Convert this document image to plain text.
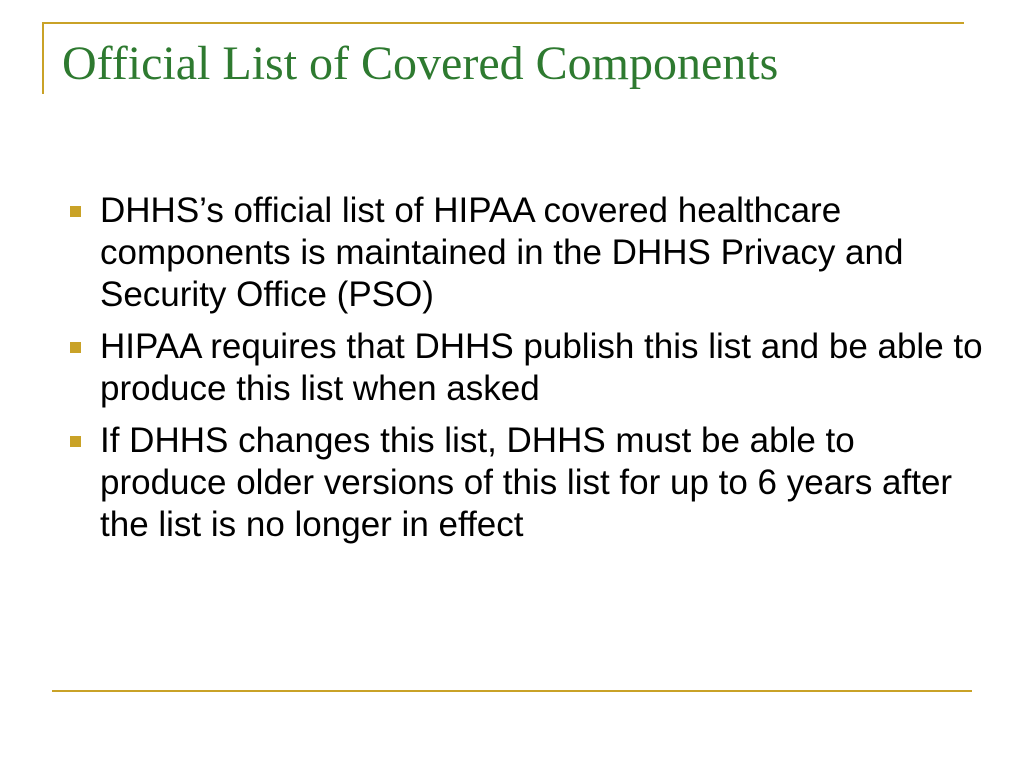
Official List of Covered Components
DHHS’s official list of HIPAA covered healthcare components is maintained in the DHHS Privacy and Security Office (PSO)
HIPAA requires that DHHS publish this list and be able to produce this list when asked
If DHHS changes this list, DHHS must be able to produce older versions of this list for up to 6 years after the list is no longer in effect
